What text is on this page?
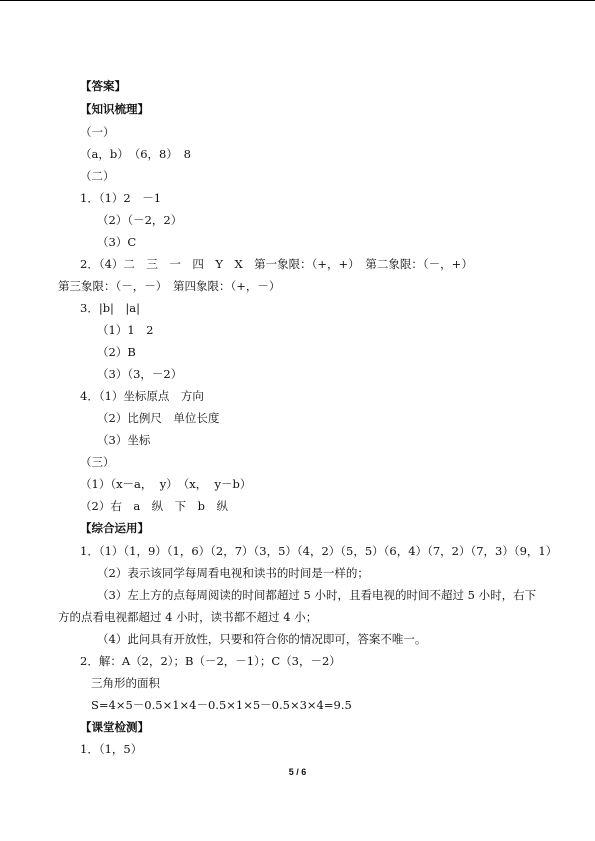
【答案】
【知识梳理】
（一）
（a，b）　（6，8）　8
（二）
1．（1）2　－1
（2）（－2，2）
（3）C
2．（4）二　三　一　四　Y　X　第一象限：（+，+）　第二象限：（－，+）
第三象限：（－，－）　第四象限：（+，－）
3．|b|　|a|
（1）1　2
（2）B
（3）（3，－2）
4．（1）坐标原点　方向
（2）比例尺　单位长度
（3）坐标
（三）
（1）（x－a，  y）　（x，  y－b）
（2）右　a　纵　下　b　纵
【综合运用】
1．（1）（1，9）（1，6）（2，7）（3，5）（4，2）（5，5）（6，4）（7，2）（7，3）（9，1）
（2）表示该同学每周看电视和读书的时间是一样的；
（3）左上方的点每周阅读的时间都超过 5 小时，且看电视的时间不超过 5 小时，右下
方的点看电视都超过 4 小时，读书都不超过 4 小；
（4）此问具有开放性，只要和符合你的情况即可，答案不唯一。
2．解：A（2，2）；B（－2，－1）；C（3，－2）
三角形的面积
S=4×5－0.5×1×4－0.5×1×5－0.5×3×4=9.5
【课堂检测】
1．（1，5）
5 / 6
